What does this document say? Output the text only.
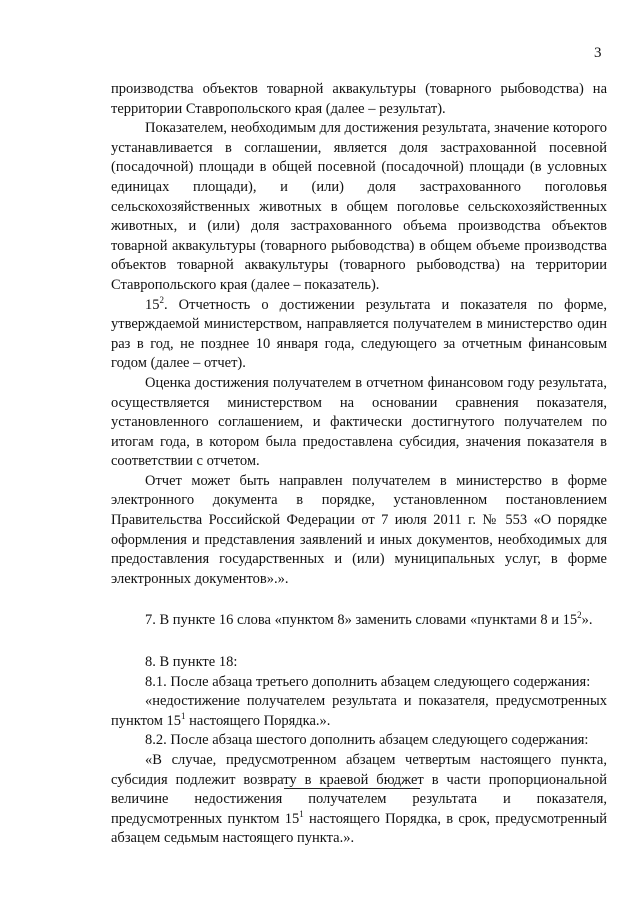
3

производства объектов товарной аквакультуры (товарного рыбоводства) на территории Ставропольского края (далее – результат).

Показателем, необходимым для достижения результата, значение которого устанавливается в соглашении, является доля застрахованной посевной (посадочной) площади в общей посевной (посадочной) площади (в условных единицах площади), и (или) доля застрахованного поголовья сельскохозяйственных животных в общем поголовье сельскохозяйственных животных, и (или) доля застрахованного объема производства объектов товарной аквакультуры (товарного рыбоводства) в общем объеме производства объектов товарной аквакультуры (товарного рыбоводства) на территории Ставропольского края (далее – показатель).

$15^2$. Отчетность о достижении результата и показателя по форме, утверждаемой министерством, направляется получателем в министерство один раз в год, не позднее 10 января года, следующего за отчетным финансовым годом (далее – отчет).

Оценка достижения получателем в отчетном финансовом году результата, осуществляется министерством на основании сравнения показателя, установленного соглашением, и фактически достигнутого получателем по итогам года, в котором была предоставлена субсидия, значения показателя в соответствии с отчетом.

Отчет может быть направлен получателем в министерство в форме электронного документа в порядке, установленном постановлением Правительства Российской Федерации от 7 июля 2011 г. № 553 «О порядке оформления и представления заявлений и иных документов, необходимых для предоставления государственных и (или) муниципальных услуг, в форме электронных документов».».

7. В пункте 16 слова «пунктом 8» заменить словами «пунктами 8 и $15^2$».

8. В пункте 18:

8.1. После абзаца третьего дополнить абзацем следующего содержания:

«недостижение получателем результата и показателя, предусмотренных пунктом $15^1$ настоящего Порядка.».

8.2. После абзаца шестого дополнить абзацем следующего содержания:

«В случае, предусмотренном абзацем четвертым настоящего пункта, субсидия подлежит возврату в краевой бюджет в части пропорциональной величине недостижения получателем результата и показателя, предусмотренных пунктом $15^1$ настоящего Порядка, в срок, предусмотренный абзацем седьмым настоящего пункта.».
